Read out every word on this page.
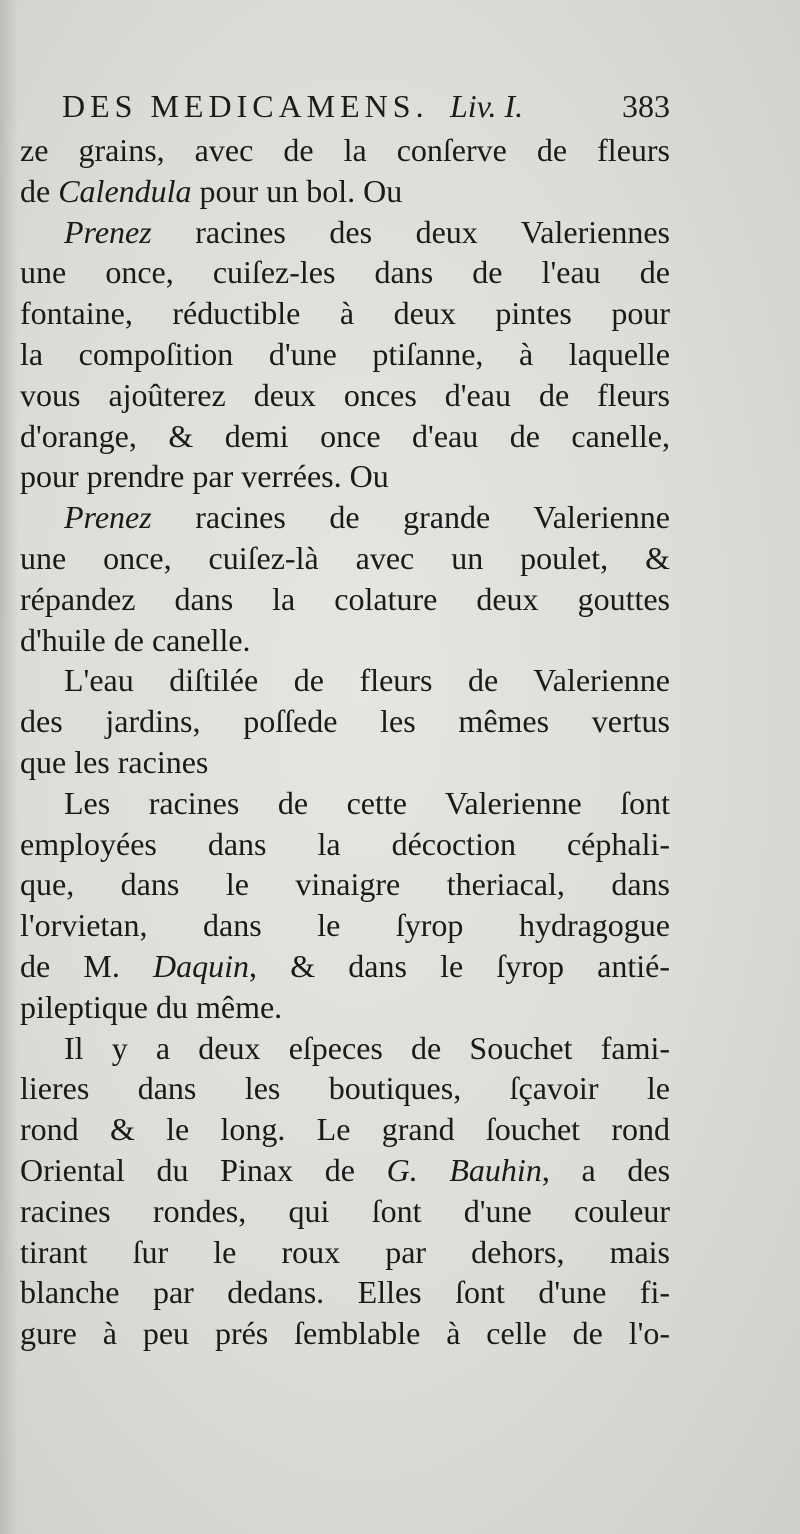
DES MEDICAMENS. Liv. I.	383
ze grains, avec de la conſerve de fleurs
de Calendula pour un bol. Ou
Prenez racines des deux Valeriennes
une once, cuiſez-les dans de l'eau de
fontaine, réductible à deux pintes pour
la compoſition d'une ptiſanne, à laquelle
vous ajoûterez deux onces d'eau de fleurs
d'orange, & demi once d'eau de canelle,
pour prendre par verrées. Ou
Prenez racines de grande Valerienne
une once, cuiſez-là avec un poulet, &
répandez dans la colature deux gouttes
d'huile de canelle.
L'eau diſtilée de fleurs de Valerienne
des jardins, poſſede les mêmes vertus
que les racines
Les racines de cette Valerienne ſont
employées dans la décoction céphali-
que, dans le vinaigre theriacal, dans
l'orvietan, dans le ſyrop hydragogue
de M. Daquin, & dans le ſyrop antié-
pileptique du même.
Il y a deux eſpeces de Souchet fami-
lieres dans les boutiques, ſçavoir le
rond & le long. Le grand ſouchet rond
Oriental du Pinax de G. Bauhin, a des
racines rondes, qui ſont d'une couleur
tirant ſur le roux par dehors, mais
blanche par dedans. Elles ſont d'une fi-
gure à peu prés ſemblable à celle de l'o-
